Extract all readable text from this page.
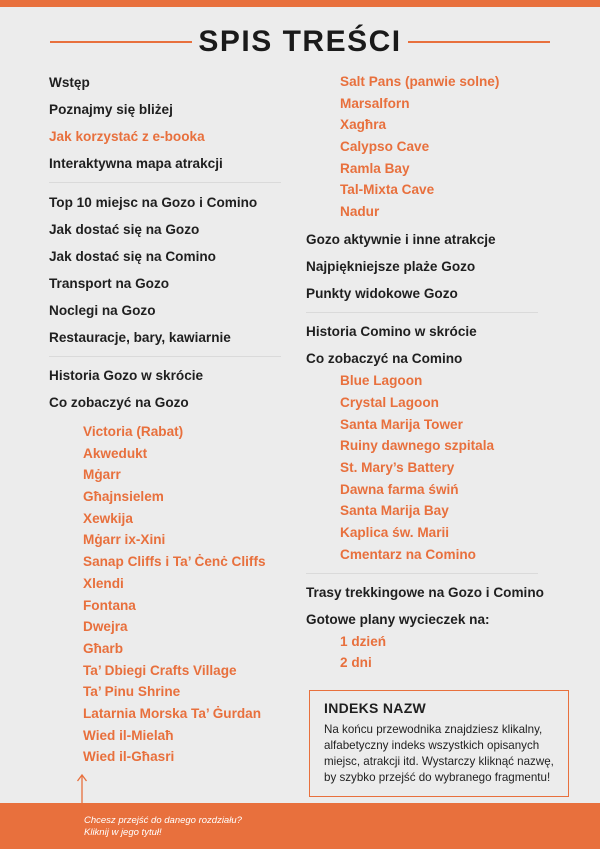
SPIS TREŚCI
Wstęp
Poznajmy się bliżej
Jak korzystać z e-booka
Interaktywna mapa atrakcji
Top 10 miejsc na Gozo i Comino
Jak dostać się na Gozo
Jak dostać się na Comino
Transport na Gozo
Noclegi na Gozo
Restauracje, bary, kawiarnie
Historia Gozo w skrócie
Co zobaczyć na Gozo
Victoria (Rabat)
Akwedukt
Mġarr
Għajnsielem
Xewkija
Mġarr ix-Xini
Sanap Cliffs i Ta’ Ċenċ Cliffs
Xlendi
Fontana
Dwejra
Għarb
Ta’ Dbiegi Crafts Village
Ta’ Pinu Shrine
Latarnia Morska Ta’ Ġurdan
Wied il-Mielaħ
Wied il-Għasri
Salt Pans (panwie solne)
Marsalforn
Xagħra
Calypso Cave
Ramla Bay
Tal-Mixta Cave
Nadur
Gozo aktywnie i inne atrakcje
Najpiękniejsze plaże Gozo
Punkty widokowe Gozo
Historia Comino w skrócie
Co zobaczyć na Comino
Blue Lagoon
Crystal Lagoon
Santa Marija Tower
Ruiny dawnego szpitala
St. Mary’s Battery
Dawna farma świń
Santa Marija Bay
Kaplica św. Marii
Cmentarz na Comino
Trasy trekkingowe na Gozo i Comino
Gotowe plany wycieczek na:
1 dzień
2 dni
INDEKS NAZW
Na końcu przewodnika znajdziesz klikalny, alfabetyczny indeks wszystkich opisanych miejsc, atrakcji itd. Wystarczy kliknąć nazwę, by szybko przejść do wybranego fragmentu!
Chcesz przejść do danego rozdziału?
Kliknij w jego tytuł!
